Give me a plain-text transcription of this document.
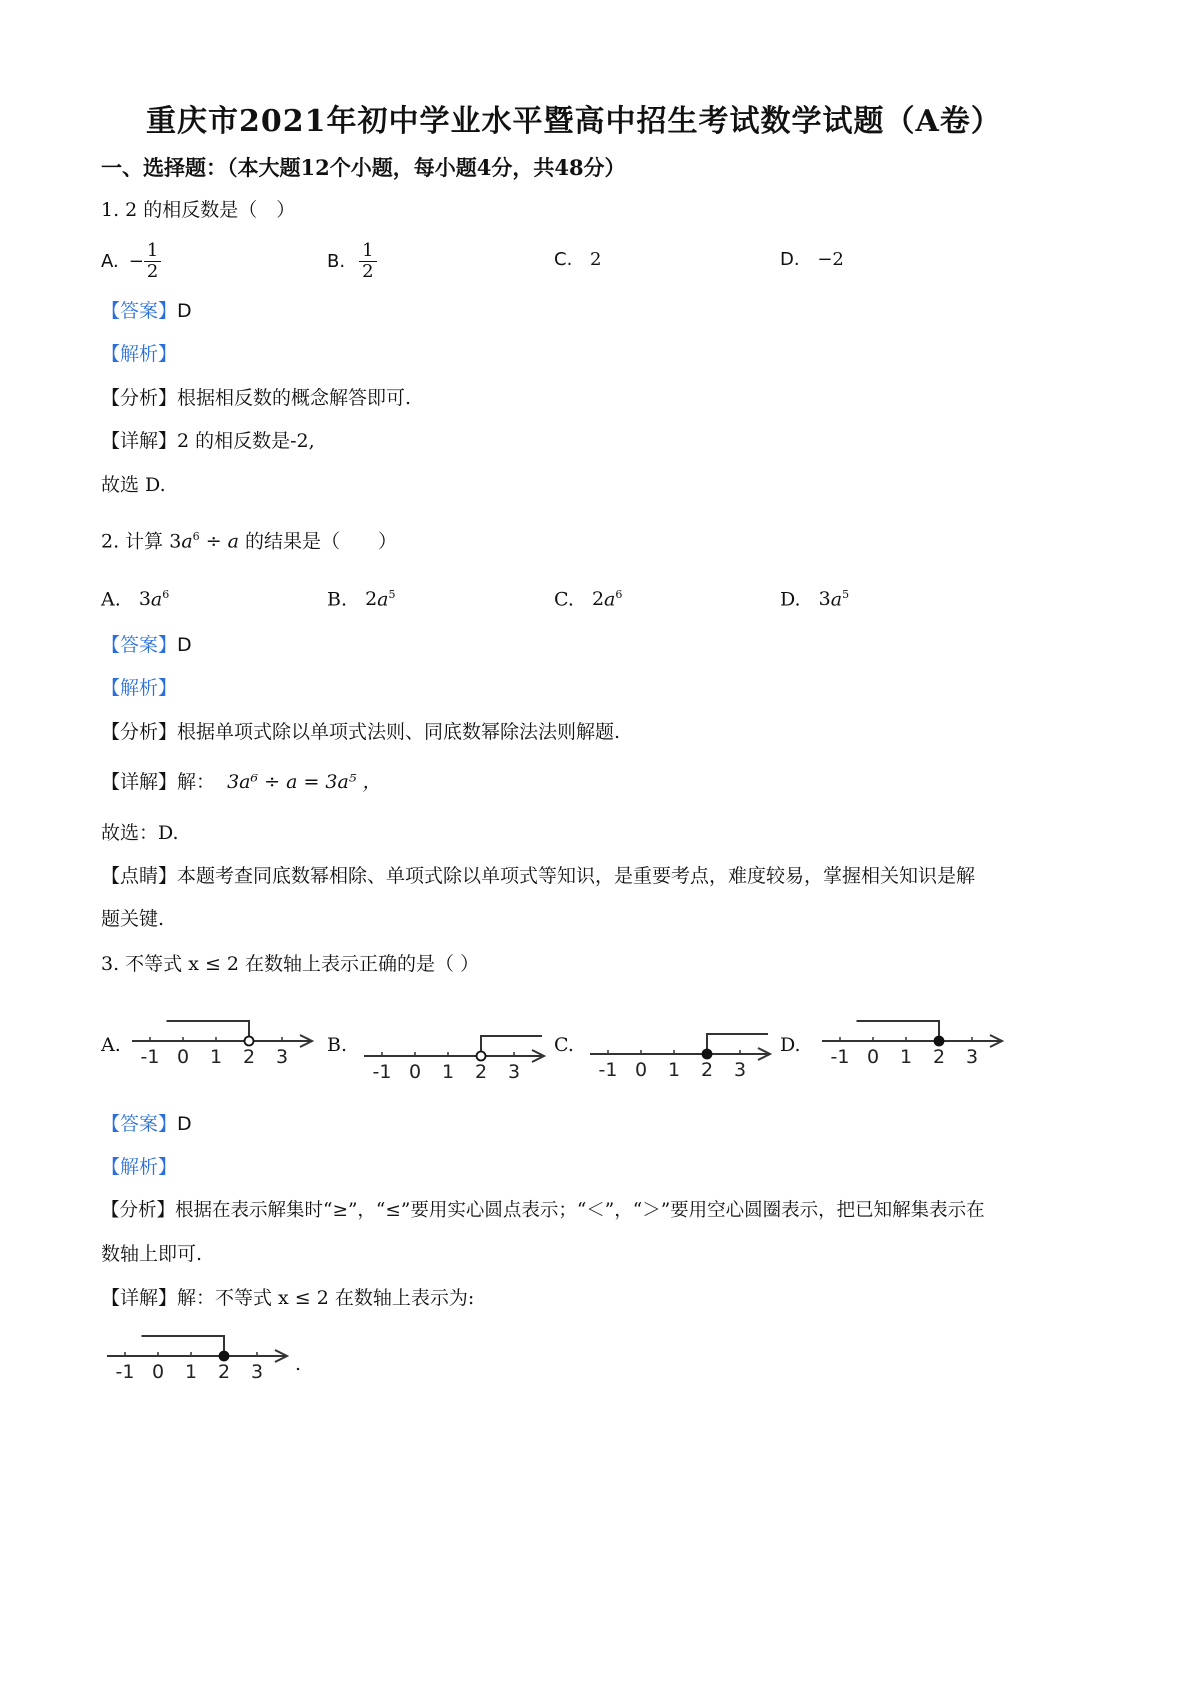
重庆市2021年初中学业水平暨高中招生考试数学试题（A卷）
一、选择题：（本大题12个小题，每小题4分，共48分）
1. 2 的相反数是（　）
A. − $\frac{1}{2}$	B. $\frac{1}{2}$	C. 2	D. −2
【答案】D
【解析】
【分析】根据相反数的概念解答即可.
【详解】2 的相反数是-2,
故选 D.
2. 计算 $3a^6 \div a$ 的结果是（　　）
A. $3a^6$	B. $2a^5$	C. $2a^6$	D. $3a^5$
【答案】D
【解析】
【分析】根据单项式除以单项式法则、同底数幂除法法则解题.
【详解】解： 3a⁶ ÷ a = 3a⁵ ，
故选：D.
【点睛】本题考查同底数幂相除、单项式除以单项式等知识，是重要考点，难度较易，掌握相关知识是解
题关键.
3. 不等式 x ≤ 2 在数轴上表示正确的是（ ）
A.
-1 0 1 2 3
B.
-1 0 1 2 3
C.
-1 0 1 2 3
D.
-1 0 1 2 3
【答案】D
【解析】
【分析】根据在表示解集时“≥”，“≤”要用实心圆点表示；“＜”，“＞”要用空心圆圈表示，把已知解集表示在
数轴上即可.
【详解】解：不等式 x ≤ 2 在数轴上表示为:
-1 0 1 2 3 .
